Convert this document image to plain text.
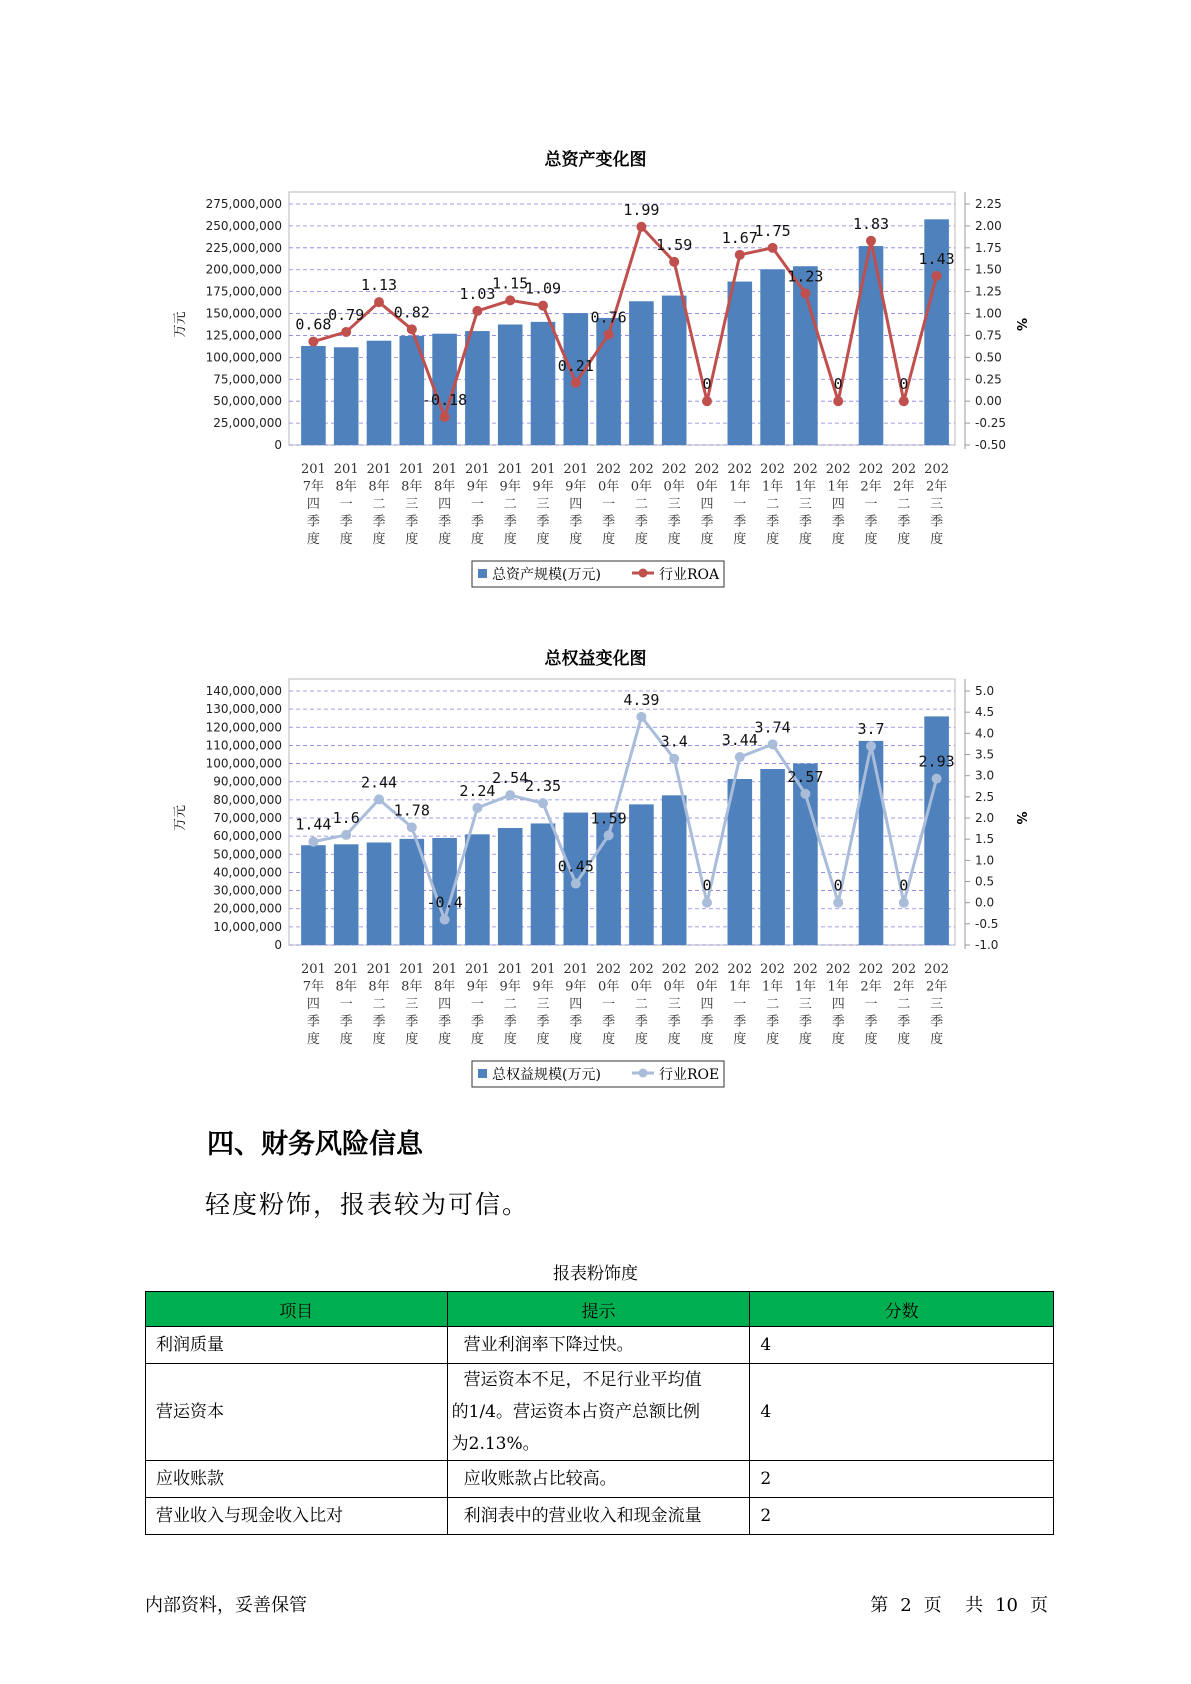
总资产变化图
275,000,000
250,000,000
225,000,000
200,000,000
175,000,000
150,000,000
125,000,000
100,000,000
75,000,000
50,000,000
25,000,000
0
2.25
2.00
1.75
1.50
1.25
1.00
0.75
0.50
0.25
0.00
-0.25
-0.50
万元	%
0.68
0.79
1.13
0.82
-0.18
1.03
1.15
1.09
0.21
0.76
1.99
1.59
0
1.67
1.75
1.23
0
1.83
0
1.43
201
7年
四
季
度
201
8年
一
季
度
201
8年
二
季
度
201
8年
三
季
度
201
8年
四
季
度
201
9年
一
季
度
201
9年
二
季
度
201
9年
三
季
度
201
9年
四
季
度
202
0年
一
季
度
202
0年
二
季
度
202
0年
三
季
度
202
0年
四
季
度
202
1年
一
季
度
202
1年
二
季
度
202
1年
三
季
度
202
1年
四
季
度
202
2年
一
季
度
202
2年
二
季
度
202
2年
三
季
度
总资产规模(万元)	行业ROA
总权益变化图
140,000,000
130,000,000
120,000,000
110,000,000
100,000,000
90,000,000
80,000,000
70,000,000
60,000,000
50,000,000
40,000,000
30,000,000
20,000,000
10,000,000
0
5.0
4.5
4.0
3.5
3.0
2.5
2.0
1.5
1.0
0.5
0.0
-0.5
-1.0
万元	%
1.44 1.6
2.44
1.78
-0.4
2.24
2.54
2.35
0.45
1.59
4.39
3.4
0
3.44
3.74
2.57
0
3.7
0
2.93
201
7年
四
季
度
201
8年
一
季
度
201
8年
二
季
度
201
8年
三
季
度
201
8年
四
季
度
201
9年
一
季
度
201
9年
二
季
度
201
9年
三
季
度
201
9年
四
季
度
202
0年
一
季
度
202
0年
二
季
度
202
0年
三
季
度
202
0年
四
季
度
202
1年
一
季
度
202
1年
二
季
度
202
1年
三
季
度
202
1年
四
季
度
202
2年
一
季
度
202
2年
二
季
度
202
2年
三
季
度
总权益规模(万元)	行业ROE
四、财务风险信息
轻度粉饰，报表较为可信。
报表粉饰度
项目	提示	分数
利润质量	营业利润率下降过快。	4
营运资本	营运资本不足，不足行业平均值
的1/4。营运资本占资产总额比例
为2.13%。	4
应收账款	应收账款占比较高。	2
营业收入与现金收入比对	利润表中的营业收入和现金流量	2
内部资料，妥善保管	第 2 页 共 10 页
